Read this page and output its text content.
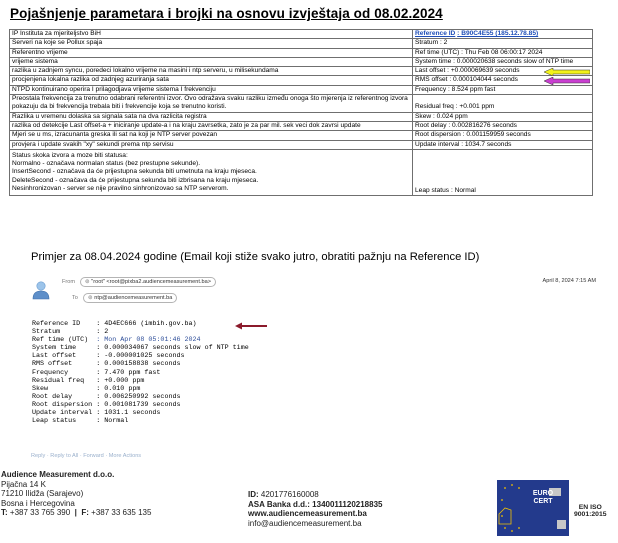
Pojašnjenje parametara i brojki na osnovu izvještaja od 08.02.2024
IP Instituta za mjeriteljstvo BiH	Reference ID : B90C4E55 (185.12.78.85)
Serveri na koje se Pollux spaja	Stratum : 2
Referentno vrijeme	Ref time (UTC) : Thu Feb 08 06:00:17 2024
vrijeme sistema	System time : 0.000020638 seconds slow of NTP time
razlika u zadnjem syncu, poredeci lokalno vrijeme na masini i ntp serveru, u milisekundama	Last offset : +0.000069639 seconds

procjenjena lokalna razlika od zadnjeg azuriranja sata	RMS offset : 0.000104044 seconds

NTPD kontinuirano operira I prilagodjava vrijeme sistema I frekvenciju	Frequency : 8.524 ppm fast
Preostala frekvencija za trenutno odabrani referentni izvor. Ovo odražava svaku razliku između onoga što mjerenja iz referentnog izvora pokazuju da bi frekvencija trebala biti i frekvencije koja se trenutno koristi.	Residual freq : +0.001 ppm
Razlika u vremenu dolaska sa signala sata na dva razlicita registra	Skew : 0.024 ppm
razlika od detekcije Last offset-a + iniciranje update-a i na kraju zavrsetka, zato je za par mil. sek veci dok zavrsi update	Root delay : 0.002816276 seconds
Mjeri se u ms, izracunanta greska ili sat na koji je NTP server povezan	Root dispersion : 0.001159959 seconds
provjera i update svakih "xy" sekundi prema ntp servisu	Update interval : 1034.7 seconds

Status skoka izvora a moze biti statusa:
Normalno - označava normalan status (bez prestupne sekunde).
InsertSecond - označava da će prijestupna sekunda biti umetnuta na kraju mjeseca.
DeleteSecond - označava da će prijestupna sekunda biti izbrisana na kraju mjeseca.
Nesinhronizovan - server se nije pravilno sinhronizovao sa NTP serverom.	Leap status : Normal
Primjer za 08.04.2024 godine (Email koji stiže svako jutro, obratiti pažnju na Reference ID)
From	⊚ "root" <root@pixba2.audiencemeasurement.ba>
To	⊚ ntp@audiencemeasurement.ba
April 8, 2024 7:15 AM
Reference ID    : 4D4EC666 (imbih.gov.ba)
Stratum         : 2
Ref time (UTC)  : Mon Apr 08 05:01:46 2024
System time     : 0.000034067 seconds slow of NTP time
Last offset     : -0.000001025 seconds
RMS offset      : 0.000158838 seconds
Frequency       : 7.470 ppm fast
Residual freq   : +0.000 ppm
Skew            : 0.010 ppm
Root delay      : 0.006250992 seconds
Root dispersion : 0.001081739 seconds
Update interval : 1031.1 seconds
Leap status     : Normal
Reply · Reply to All · Forward · More Actions
Audience Measurement d.o.o.
Pijačna 14 K
71210 Ilidža (Sarajevo)
Bosna i Hercegovina
T: +387 33 765 390 | F: +387 33 635 135
ID: 4201776160008
ASA Banka d.d.: 1340011120218835
www.audiencemeasurement.ba
info@audiencemeasurement.ba
EURO
CERT
EN ISO
9001:2015
